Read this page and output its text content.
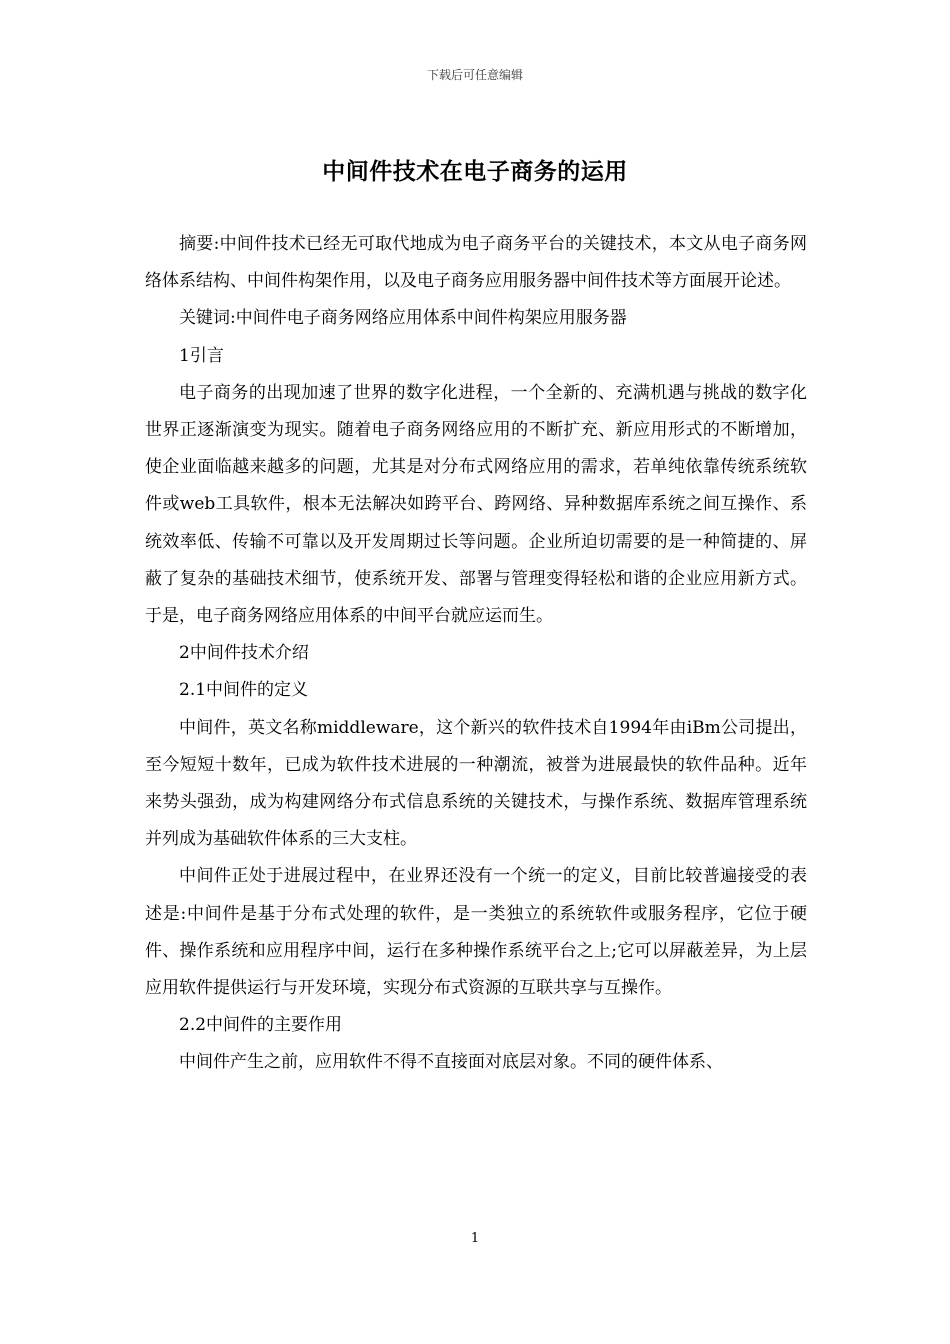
下载后可任意编辑
中间件技术在电子商务的运用

摘要:中间件技术已经无可取代地成为电子商务平台的关键技术，本文从电子商务网络体系结构、中间件构架作用，以及电子商务应用服务器中间件技术等方面展开论述。

关键词:中间件电子商务网络应用体系中间件构架应用服务器

1引言

电子商务的出现加速了世界的数字化进程，一个全新的、充满机遇与挑战的数字化世界正逐渐演变为现实。随着电子商务网络应用的不断扩充、新应用形式的不断增加，使企业面临越来越多的问题，尤其是对分布式网络应用的需求，若单纯依靠传统系统软件或web工具软件，根本无法解决如跨平台、跨网络、异种数据库系统之间互操作、系统效率低、传输不可靠以及开发周期过长等问题。企业所迫切需要的是一种简捷的、屏蔽了复杂的基础技术细节，使系统开发、部署与管理变得轻松和谐的企业应用新方式。于是，电子商务网络应用体系的中间平台就应运而生。

2中间件技术介绍

2.1中间件的定义

中间件，英文名称middleware，这个新兴的软件技术自1994年由iBm公司提出，至今短短十数年，已成为软件技术进展的一种潮流，被誉为进展最快的软件品种。近年来势头强劲，成为构建网络分布式信息系统的关键技术，与操作系统、数据库管理系统并列成为基础软件体系的三大支柱。

中间件正处于进展过程中，在业界还没有一个统一的定义，目前比较普遍接受的表述是:中间件是基于分布式处理的软件，是一类独立的系统软件或服务程序，它位于硬件、操作系统和应用程序中间，运行在多种操作系统平台之上;它可以屏蔽差异，为上层应用软件提供运行与开发环境，实现分布式资源的互联共享与互操作。

2.2中间件的主要作用

中间件产生之前，应用软件不得不直接面对底层对象。不同的硬件体系、

1
